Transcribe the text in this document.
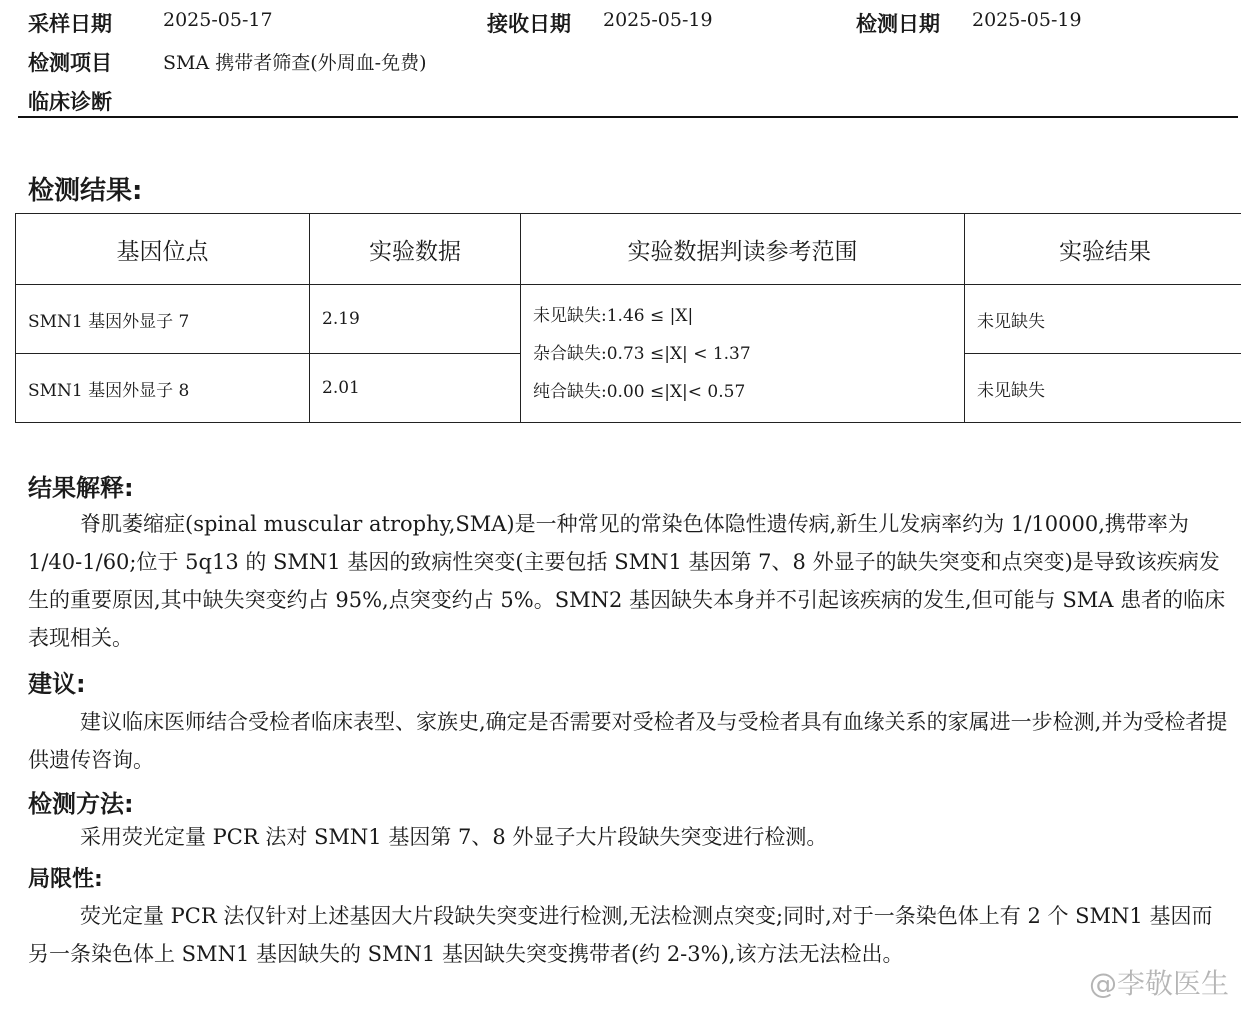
采样日期	2025-05-17	接收日期 2025-05-19	检测日期 2025-05-19
检测项目	SMA 携带者筛查(外周血-免费)
临床诊断
检测结果:
基因位点	实验数据	实验数据判读参考范围	实验结果
SMN1 基因外显子 7	2.19	未见缺失:1.46 ≤ |X|
杂合缺失:0.73 ≤|X| < 1.37
纯合缺失:0.00 ≤|X|< 0.57	未见缺失
SMN1 基因外显子 8	2.01		未见缺失
结果解释:
脊肌萎缩症(spinal muscular atrophy,SMA)是一种常见的常染色体隐性遗传病,新生儿发病率约为 1/10000,携带率为 1/40-1/60;位于 5q13 的 SMN1 基因的致病性突变(主要包括 SMN1 基因第 7、8 外显子的缺失突变和点突变)是导致该疾病发生的重要原因,其中缺失突变约占 95%,点突变约占 5%。SMN2 基因缺失本身并不引起该疾病的发生,但可能与 SMA 患者的临床表现相关。
建议:
建议临床医师结合受检者临床表型、家族史,确定是否需要对受检者及与受检者具有血缘关系的家属进一步检测,并为受检者提供遗传咨询。
检测方法:
采用荧光定量 PCR 法对 SMN1 基因第 7、8 外显子大片段缺失突变进行检测。
局限性:
荧光定量 PCR 法仅针对上述基因大片段缺失突变进行检测,无法检测点突变;同时,对于一条染色体上有 2 个 SMN1 基因而另一条染色体上 SMN1 基因缺失的 SMN1 基因缺失突变携带者(约 2-3%),该方法无法检出。
@李敬医生
